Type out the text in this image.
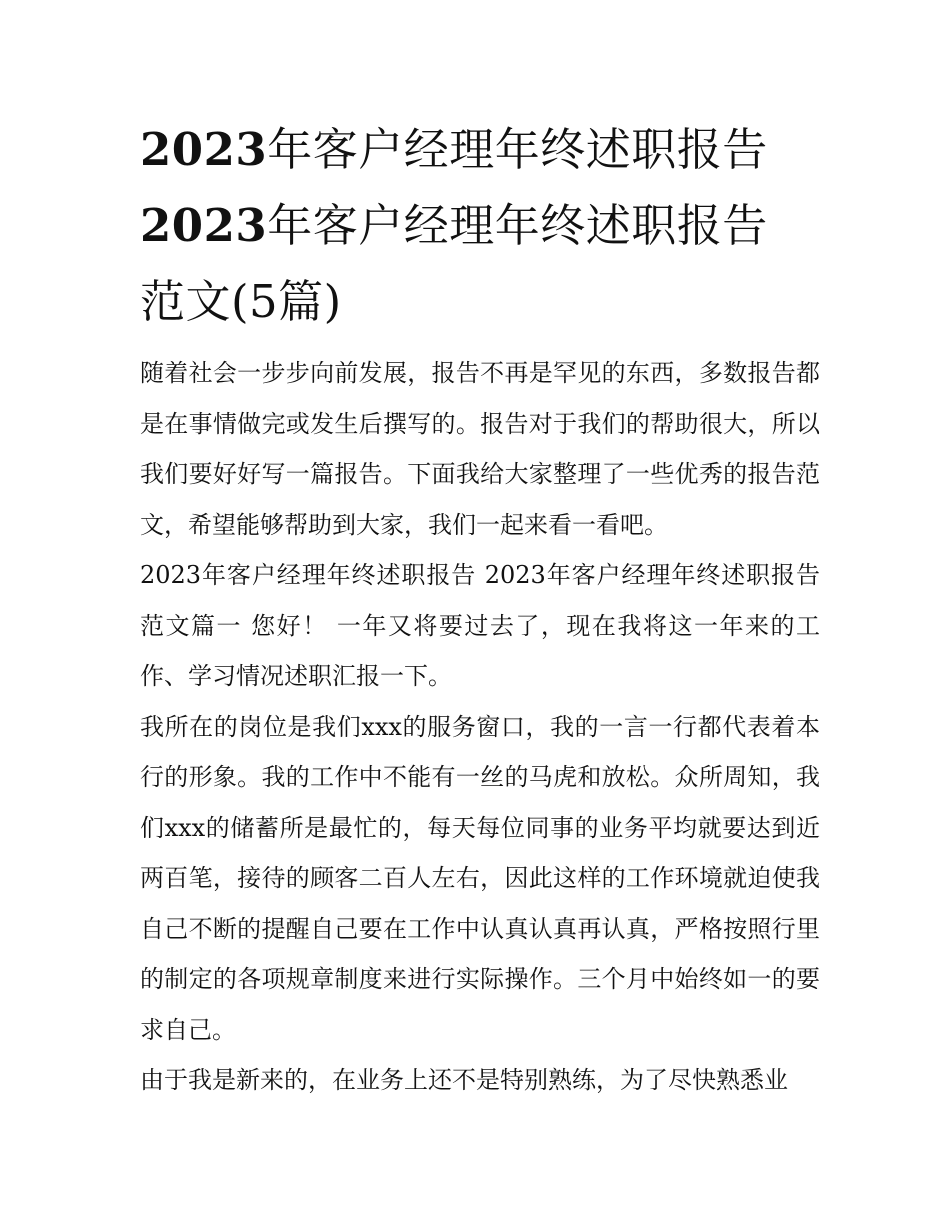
2023年客户经理年终述职报告
2023年客户经理年终述职报告
范文(5篇)

随着社会一步步向前发展，报告不再是罕见的东西，多数报告都是在事情做完或发生后撰写的。报告对于我们的帮助很大，所以我们要好好写一篇报告。下面我给大家整理了一些优秀的报告范文，希望能够帮助到大家，我们一起来看一看吧。

2023年客户经理年终述职报告 2023年客户经理年终述职报告范文篇一 您好！ 一年又将要过去了，现在我将这一年来的工作、学习情况述职汇报一下。

我所在的岗位是我们xxx的服务窗口，我的一言一行都代表着本行的形象。我的工作中不能有一丝的马虎和放松。众所周知，我们xxx的储蓄所是最忙的，每天每位同事的业务平均就要达到近两百笔，接待的顾客二百人左右，因此这样的工作环境就迫使我自己不断的提醒自己要在工作中认真认真再认真，严格按照行里的制定的各项规章制度来进行实际操作。三个月中始终如一的要求自己。

由于我是新来的，在业务上还不是特别熟练，为了尽快熟悉业
